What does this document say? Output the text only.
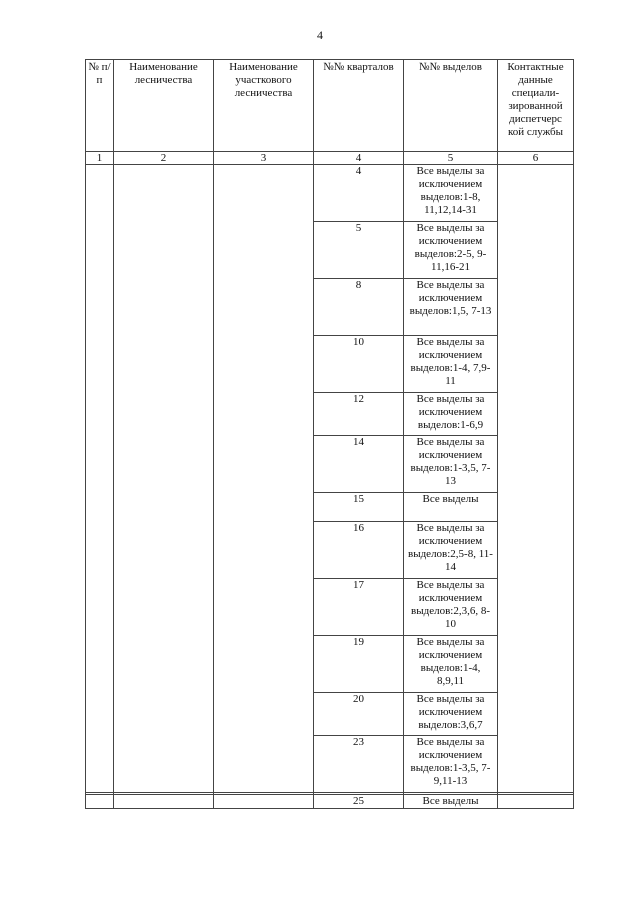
4
№ п/п	Наименование лесничества	Наименование участкового лесничества	№№ кварталов	№№ выделов	Контактные данные специали-зированной диспетчерс кой службы
1	2	3	4	5	6
			4	Все выделы за исключением выделов:1-8, 11,12,14-31	
			5	Все выделы за исключением выделов:2-5, 9-11,16-21	
			8	Все выделы за исключением выделов:1,5, 7-13	
			10	Все выделы за исключением выделов:1-4, 7,9-11	
			12	Все выделы за исключением выделов:1-6,9	
			14	Все выделы за исключением выделов:1-3,5, 7-13	
			15	Все выделы	
			16	Все выделы за исключением выделов:2,5-8, 11-14	
			17	Все выделы за исключением выделов:2,3,6, 8-10	
			19	Все выделы за исключением выделов:1-4, 8,9,11	
			20	Все выделы за исключением выделов:3,6,7	
			23	Все выделы за исключением выделов:1-3,5, 7-9,11-13	

			25	Все выделы	
